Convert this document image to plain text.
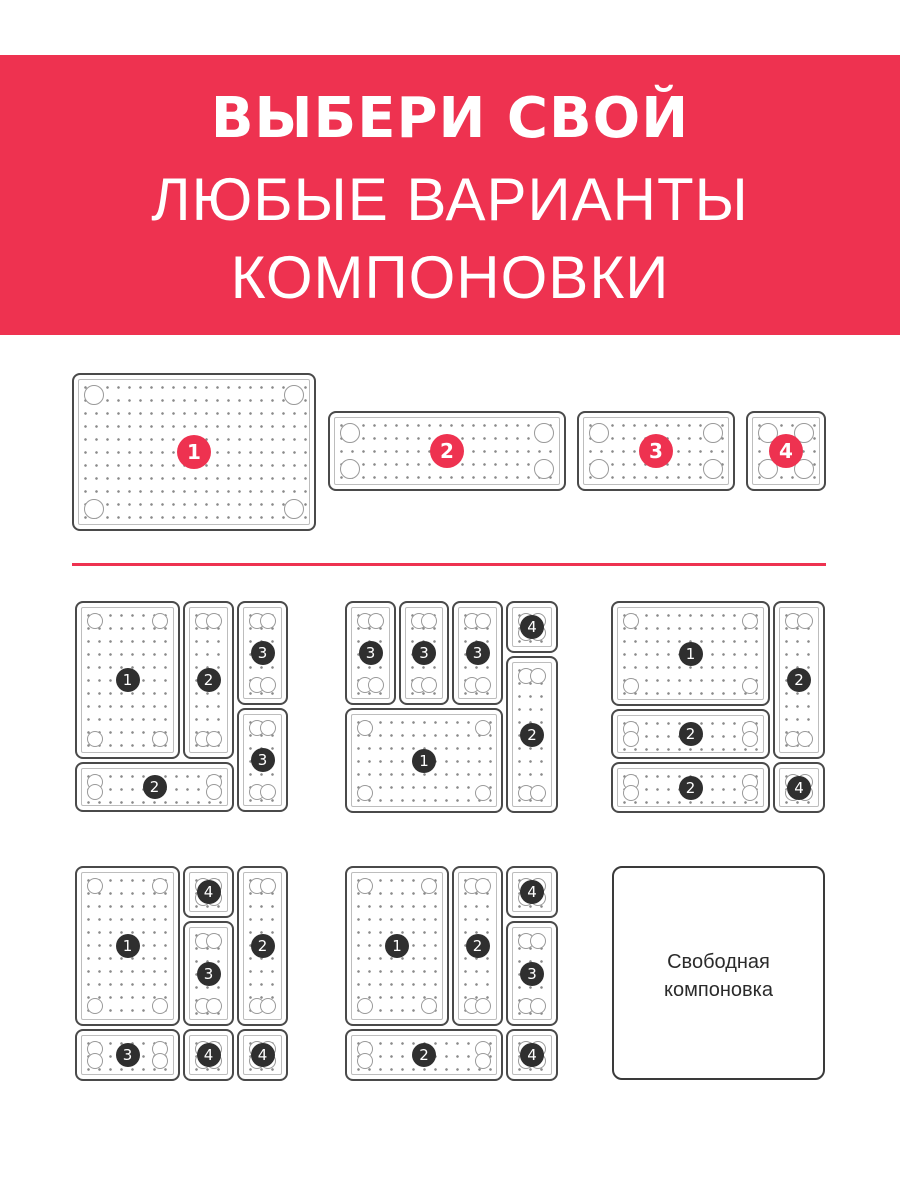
ВЫБЕРИ СВОЙ
ЛЮБЫЕ ВАРИАНТЫ
КОМПОНОВКИ
1	2	3	4
1	2
3
3
2
3	3	3
4
2
1
1
2
2
2	4
1
4
2
3
3	4	4
1	2
4
3
2	4
Свободная
компоновка
